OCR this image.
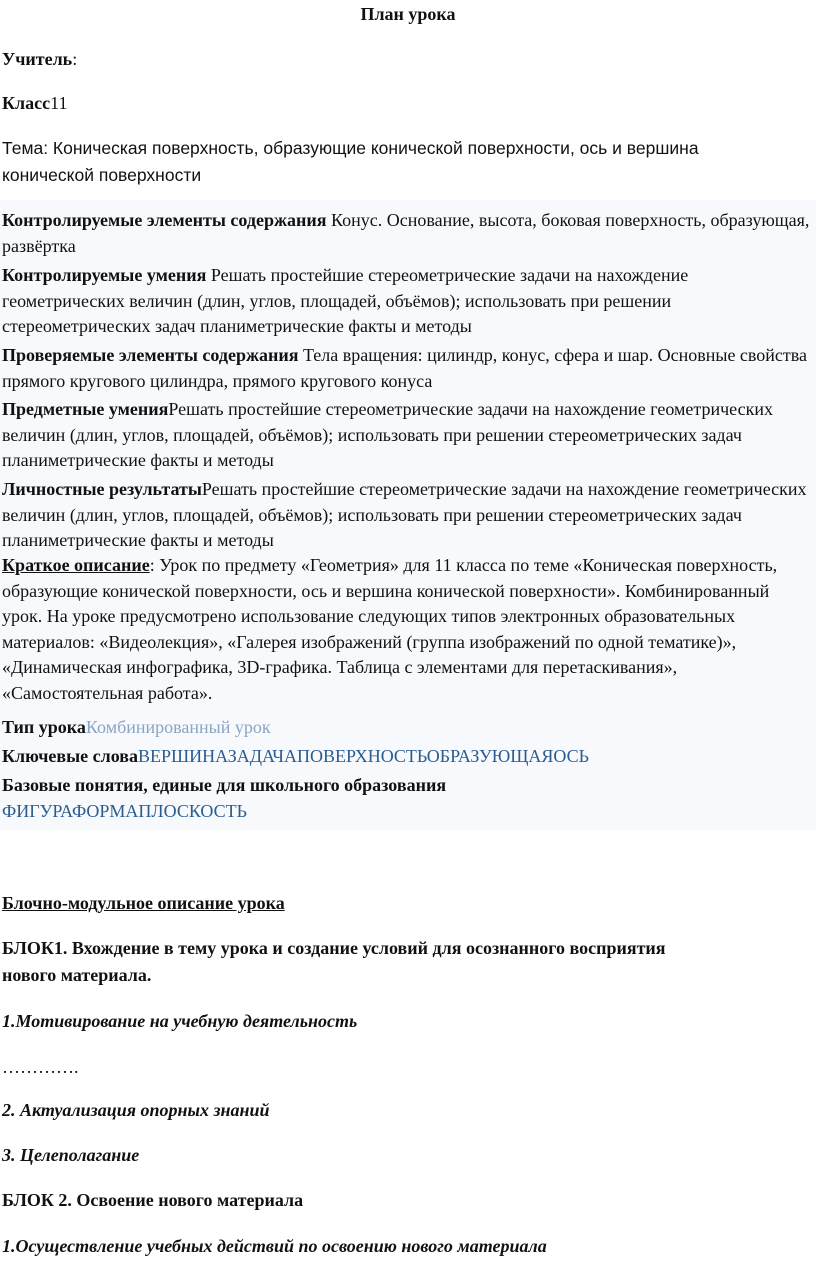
План урока
Учитель:
Класс11
Тема: Коническая поверхность, образующие конической поверхности, ось и вершина
конической поверхности
Контролируемые элементы содержания Конус. Основание, высота, боковая поверхность, образующая, развёртка
Контролируемые умения Решать простейшие стереометрические задачи на нахождение геометрических величин (длин, углов, площадей, объёмов); использовать при решении стереометрических задач планиметрические факты и методы
Проверяемые элементы содержания Тела вращения: цилиндр, конус, сфера и шар. Основные свойства прямого кругового цилиндра, прямого кругового конуса
Предметные уменияРешать простейшие стереометрические задачи на нахождение геометрических величин (длин, углов, площадей, объёмов); использовать при решении стереометрических задач планиметрические факты и методы
Личностные результатыРешать простейшие стереометрические задачи на нахождение геометрических величин (длин, углов, площадей, объёмов); использовать при решении стереометрических задач планиметрические факты и методы
Краткое описание: Урок по предмету «Геометрия» для 11 класса по теме «Коническая поверхность, образующие конической поверхности, ось и вершина конической поверхности». Комбинированный урок. На уроке предусмотрено использование следующих типов электронных образовательных материалов: «Видеолекция», «Галерея изображений (группа изображений по одной тематике)», «Динамическая инфографика, 3D-графика. Таблица с элементами для перетаскивания», «Самостоятельная работа».
Тип урокаКомбинированный урок
Ключевые словаВЕРШИНАЗАДАЧАПОВЕРХНОСТЬОБРАЗУЮЩАЯОСЬ
Базовые понятия, единые для школьного образования
ФИГУРАФОРМАПЛОСКОСТЬ
Блочно-модульное описание урока
БЛОК1. Вхождение в тему урока и создание условий для осознанного восприятия
нового материала.
1.Мотивирование на учебную деятельность
………….
2. Актуализация опорных знаний
3. Целеполагание
БЛОК 2. Освоение нового материала
1.Осуществление учебных действий по освоению нового материала
